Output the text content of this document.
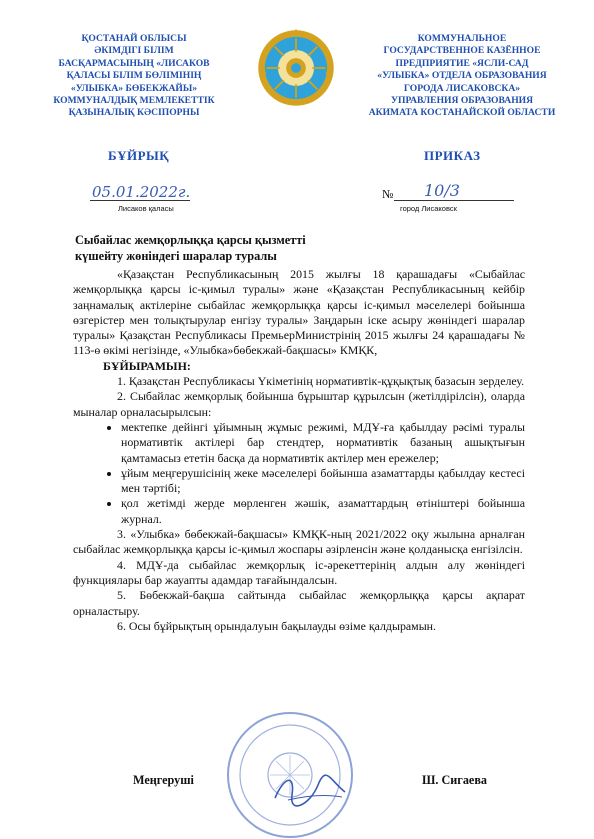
ҚОСТАНАЙ ОБЛЫСЫ
ӘКІМДІГІ БІЛІМ
БАСҚАРМАСЫНЫҢ «ЛИСАКОВ
ҚАЛАСЫ БІЛІМ БӨЛІМІНІҢ
«УЛЫБКА» БӨБЕКЖАЙЫ»
КОММУНАЛДЫҚ МЕМЛЕКЕТТІК
ҚАЗЫНАЛЫҚ КӘСІПОРНЫ
КОММУНАЛЬНОЕ
ГОСУДАРСТВЕННОЕ КАЗЁННОЕ
ПРЕДПРИЯТИЕ «ЯСЛИ-САД
«УЛЫБКА» ОТДЕЛА ОБРАЗОВАНИЯ
ГОРОДА ЛИСАКОВСКА»
УПРАВЛЕНИЯ ОБРАЗОВАНИЯ
АКИМАТА КОСТАНАЙСКОЙ ОБЛАСТИ
БҰЙРЫҚ	ПРИКАЗ
05.01.2022г.
Лисаков қаласы
№ 10/3
город Лисаковск
Сыбайлас жемқорлыққа қарсы қызметті
күшейту жөніндегі шаралар туралы

«Қазақстан Республикасының 2015 жылғы 18 қарашадағы «Сыбайлас жемқорлыққа қарсы іс-қимыл туралы» және «Қазақстан Республикасының кейбір заңнамалық актілеріне сыбайлас жемқорлыққа қарсы іс-қимыл мәселелері бойынша өзгерістер мен толықтырулар енгізу туралы» Заңдарын іске асыру жөніндегі шаралар туралы» Қазақстан Республикасы ПремьерМинистрінің 2015 жылғы 24 қарашадағы № 113-ө өкімі негізінде, «Улыбка»бөбекжай-бақшасы» КМҚК,

БҰЙЫРАМЫН:

1. Қазақстан Республикасы Үкіметінің нормативтік-құқықтық базасын зерделеу.

2. Сыбайлас жемқорлық бойынша бұрыштар құрылсын (жетілдірілсін), оларда мыналар орналасырылсын:

мектепке дейінгі ұйымның жұмыс режимі, МДҰ-ға қабылдау рәсімі туралы нормативтік актілері бар стендтер, нормативтік базаның ашықтығын қамтамасыз ететін басқа да нормативтік актілер мен ережелер;
ұйым меңгерушісінің жеке мәселелері бойынша азаматтарды қабылдау кестесі мен тәртібі;
қол жетімді жерде мөрленген жәшік, азаматтардың өтініштері бойынша журнал.

3. «Улыбка» бөбекжай-бақшасы» КМҚК-ның 2021/2022 оқу жылына арналған сыбайлас жемқорлыққа қарсы іс-қимыл жоспары әзірленсін және қолданысқа енгізілсін.

4. МДҰ-да сыбайлас жемқорлық іс-әрекеттерінің алдын алу жөніндегі функциялары бар жауапты адамдар тағайындалсын.

5. Бөбекжай-бақша сайтында сыбайлас жемқорлыққа қарсы ақпарат орналастыру.

6. Осы бұйрықтың орындалуын бақылауды өзіме қалдырамын.

Меңгеруші	Ш. Сигаева
